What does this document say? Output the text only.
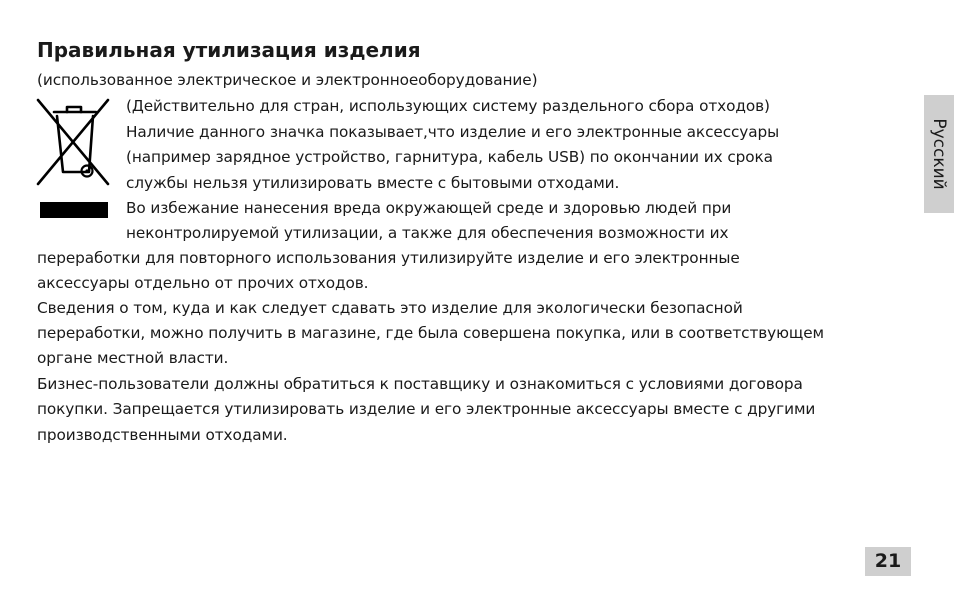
Правильная утилизация изделия
(использованное электрическое и электронноеоборудование)
(Действительно для стран, использующих систему раздельного сбора отходов)
Наличие данного значка показывает,что изделие и его электронные аксессуары
(например зарядное устройство, гарнитура, кабель USB) по окончании их срока
службы нельзя утилизировать вместе с бытовыми отходами.
Во избежание нанесения вреда окружающей среде и здоровью людей при
неконтролируемой утилизации, а также для обеспечения возможности их
переработки для повторного использования утилизируйте изделие и его электронные
аксессуары отдельно от прочих отходов.
Сведения о том, куда и как следует сдавать это изделие для экологически безопасной
переработки, можно получить в магазине, где была совершена покупка, или в соответствующем
органе местной власти.
Бизнес-пользователи должны обратиться к поставщику и ознакомиться с условиями договора
покупки. Запрещается утилизировать изделие и его электронные аксессуары вместе с другими
производственными отходами.
Русский
21
